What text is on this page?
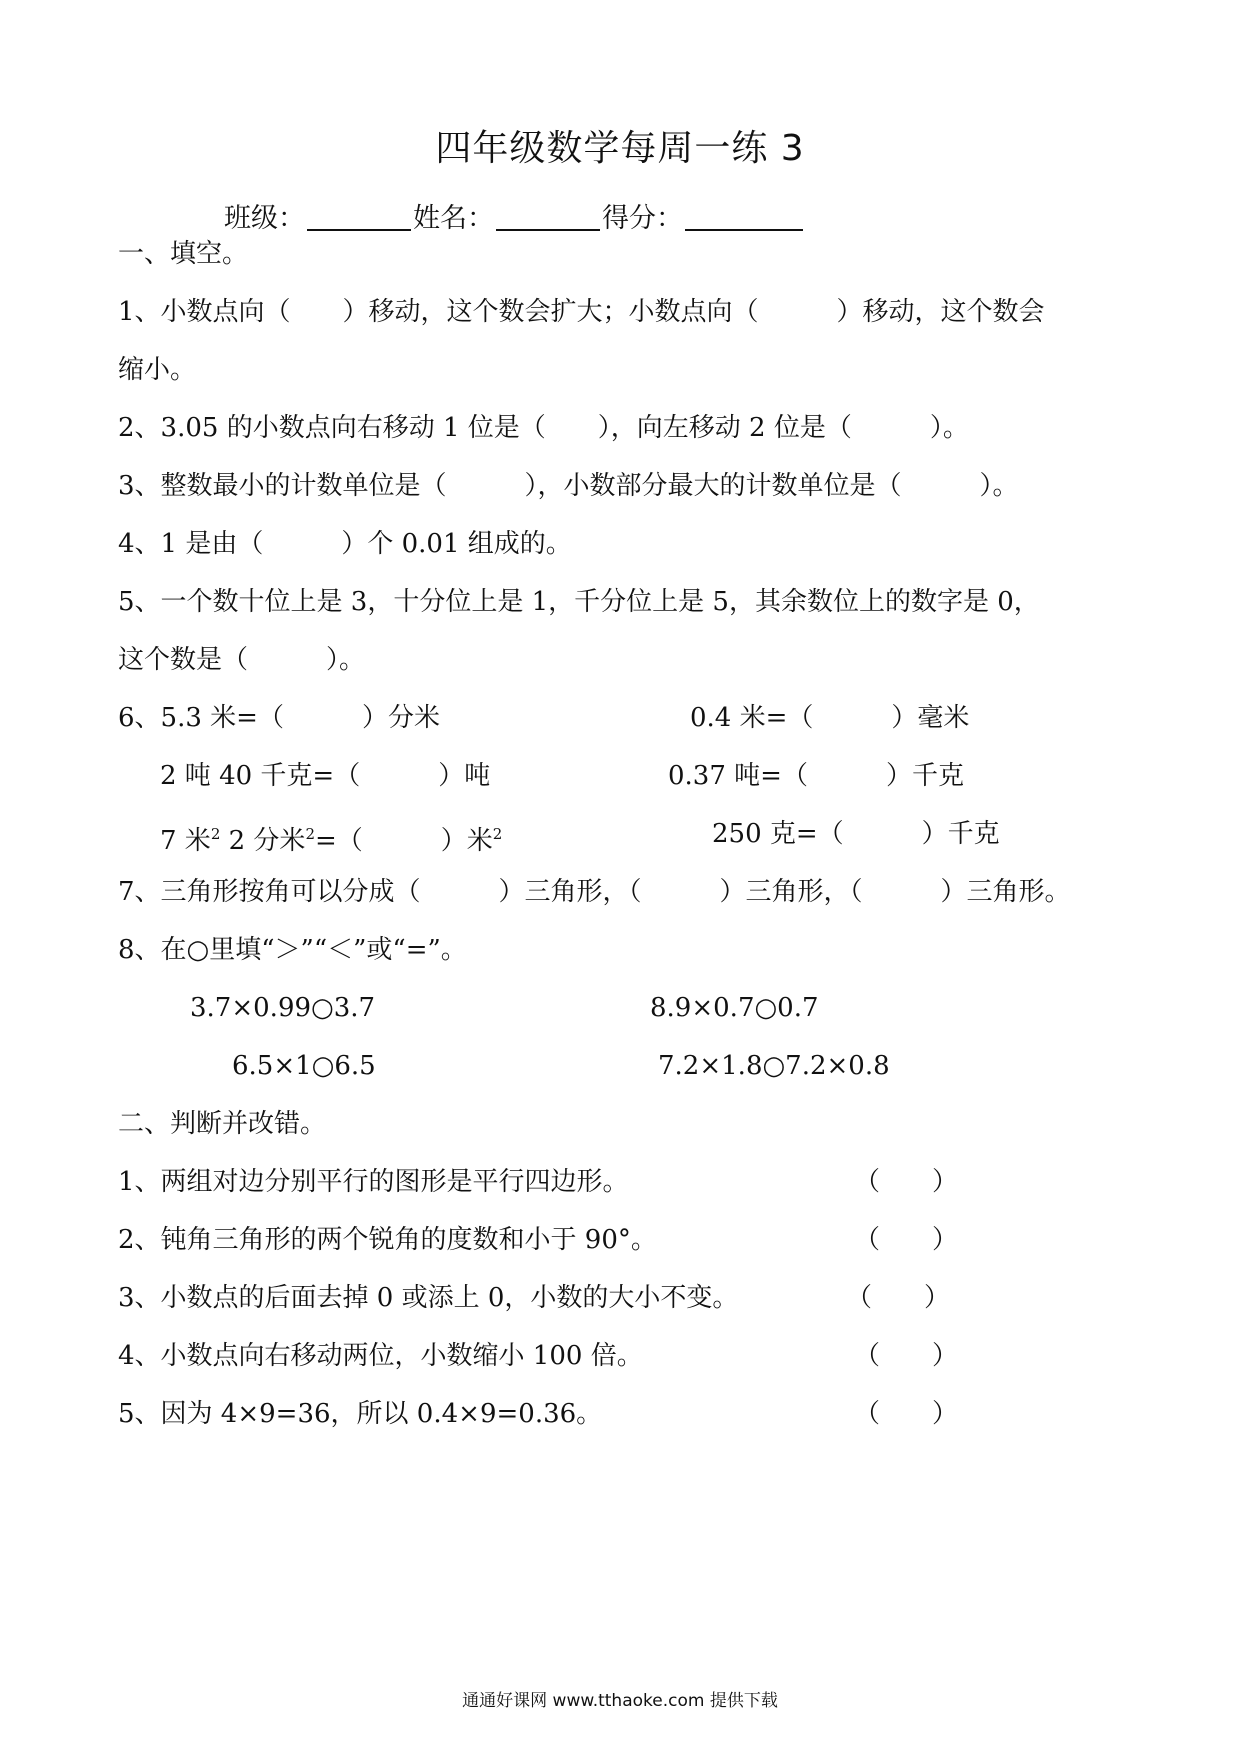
四年级数学每周一练 3
班级：	姓名：	得分：
一、填空。
1、小数点向（　　）移动，这个数会扩大；小数点向（　　　）移动，这个数会
缩小。
2、3.05 的小数点向右移动 1 位是（　　），向左移动 2 位是（　　　）。
3、整数最小的计数单位是（　　　），小数部分最大的计数单位是（　　　）。
4、1 是由（　　　）个 0.01 组成的。
5、一个数十位上是 3，十分位上是 1，千分位上是 5，其余数位上的数字是 0，
这个数是（　　　）。
6、5.3 米=（　　　）分米	0.4 米=（　　　）毫米
2 吨 40 千克=（　　　）吨	0.37 吨=（　　　）千克
7 米$^2$ 2 分米$^2$=（　　　）米$^2$	250 克=（　　　）千克
7、三角形按角可以分成（　　　）三角形，（　　　）三角形，（　　　）三角形。
8、在○里填“＞”“＜”或“=”。
3.7×0.99○3.7	8.9×0.7○0.7
6.5×1○6.5	7.2×1.8○7.2×0.8
二、判断并改错。
1、两组对边分别平行的图形是平行四边形。	（　　）
2、钝角三角形的两个锐角的度数和小于 90°。	（　　）
3、小数点的后面去掉 0 或添上 0，小数的大小不变。	（　　）
4、小数点向右移动两位，小数缩小 100 倍。	（　　）
5、因为 4×9=36，所以 0.4×9=0.36。	（　　）
通通好课网 www.tthaoke.com 提供下载
